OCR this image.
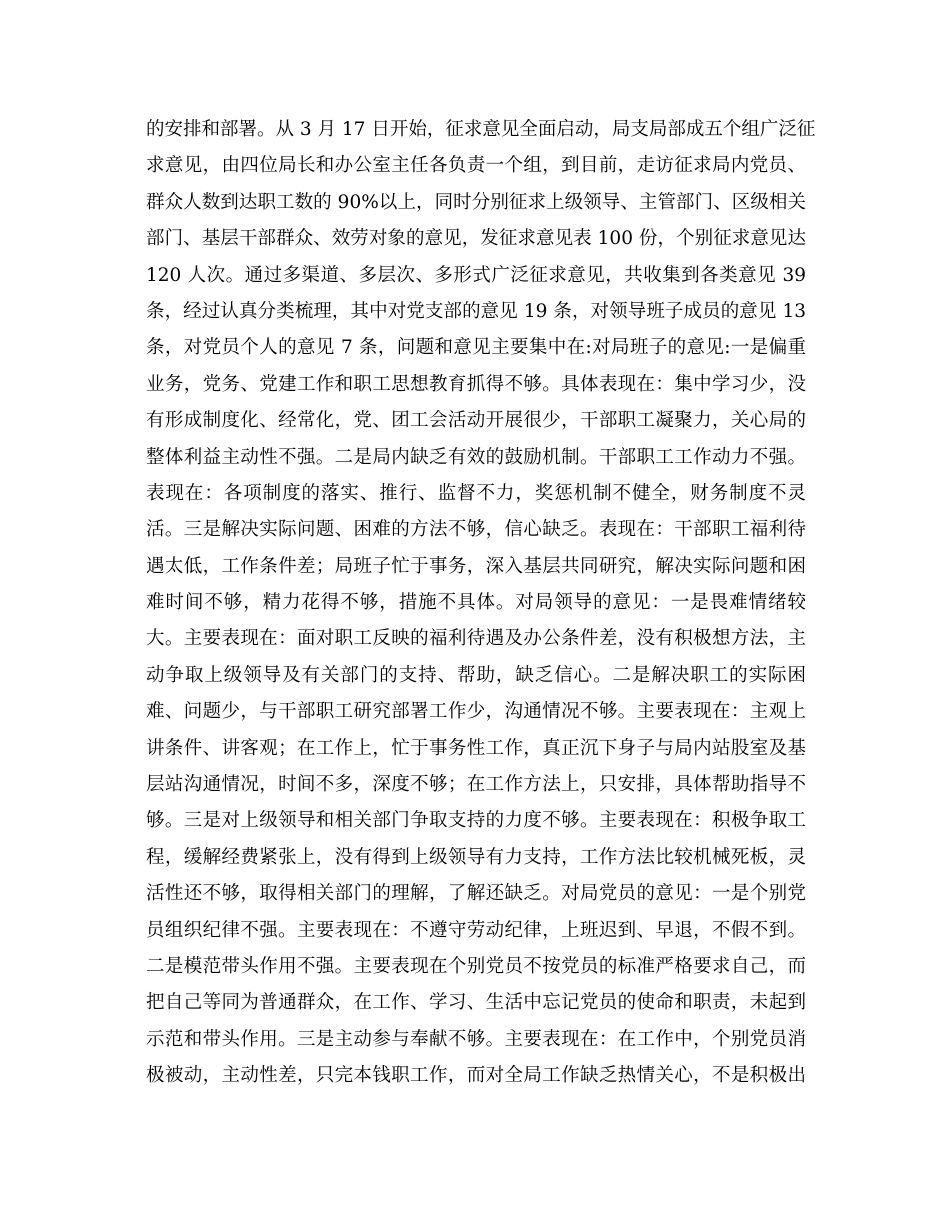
的安排和部署。从 3 月 17 日开始，征求意见全面启动，局支局部成五个组广泛征
求意见，由四位局长和办公室主任各负责一个组，到目前，走访征求局内党员、
群众人数到达职工数的 90%以上，同时分别征求上级领导、主管部门、区级相关
部门、基层干部群众、效劳对象的意见，发征求意见表 100 份，个别征求意见达
120 人次。通过多渠道、多层次、多形式广泛征求意见，共收集到各类意见 39
条，经过认真分类梳理，其中对党支部的意见 19 条，对领导班子成员的意见 13
条，对党员个人的意见 7 条，问题和意见主要集中在:对局班子的意见:一是偏重
业务，党务、党建工作和职工思想教育抓得不够。具体表现在：集中学习少，没
有形成制度化、经常化，党、团工会活动开展很少，干部职工凝聚力，关心局的
整体利益主动性不强。二是局内缺乏有效的鼓励机制。干部职工工作动力不强。
表现在：各项制度的落实、推行、监督不力，奖惩机制不健全，财务制度不灵
活。三是解决实际问题、困难的方法不够，信心缺乏。表现在：干部职工福利待
遇太低，工作条件差；局班子忙于事务，深入基层共同研究，解决实际问题和困
难时间不够，精力花得不够，措施不具体。对局领导的意见：一是畏难情绪较
大。主要表现在：面对职工反映的福利待遇及办公条件差，没有积极想方法，主
动争取上级领导及有关部门的支持、帮助，缺乏信心。二是解决职工的实际困
难、问题少，与干部职工研究部署工作少，沟通情况不够。主要表现在：主观上
讲条件、讲客观；在工作上，忙于事务性工作，真正沉下身子与局内站股室及基
层站沟通情况，时间不多，深度不够；在工作方法上，只安排，具体帮助指导不
够。三是对上级领导和相关部门争取支持的力度不够。主要表现在：积极争取工
程，缓解经费紧张上，没有得到上级领导有力支持，工作方法比较机械死板，灵
活性还不够，取得相关部门的理解，了解还缺乏。对局党员的意见：一是个别党
员组织纪律不强。主要表现在：不遵守劳动纪律，上班迟到、早退，不假不到。
二是模范带头作用不强。主要表现在个别党员不按党员的标准严格要求自己，而
把自己等同为普通群众，在工作、学习、生活中忘记党员的使命和职责，未起到
示范和带头作用。三是主动参与奉献不够。主要表现在：在工作中，个别党员消
极被动，主动性差，只完本钱职工作，而对全局工作缺乏热情关心，不是积极出
